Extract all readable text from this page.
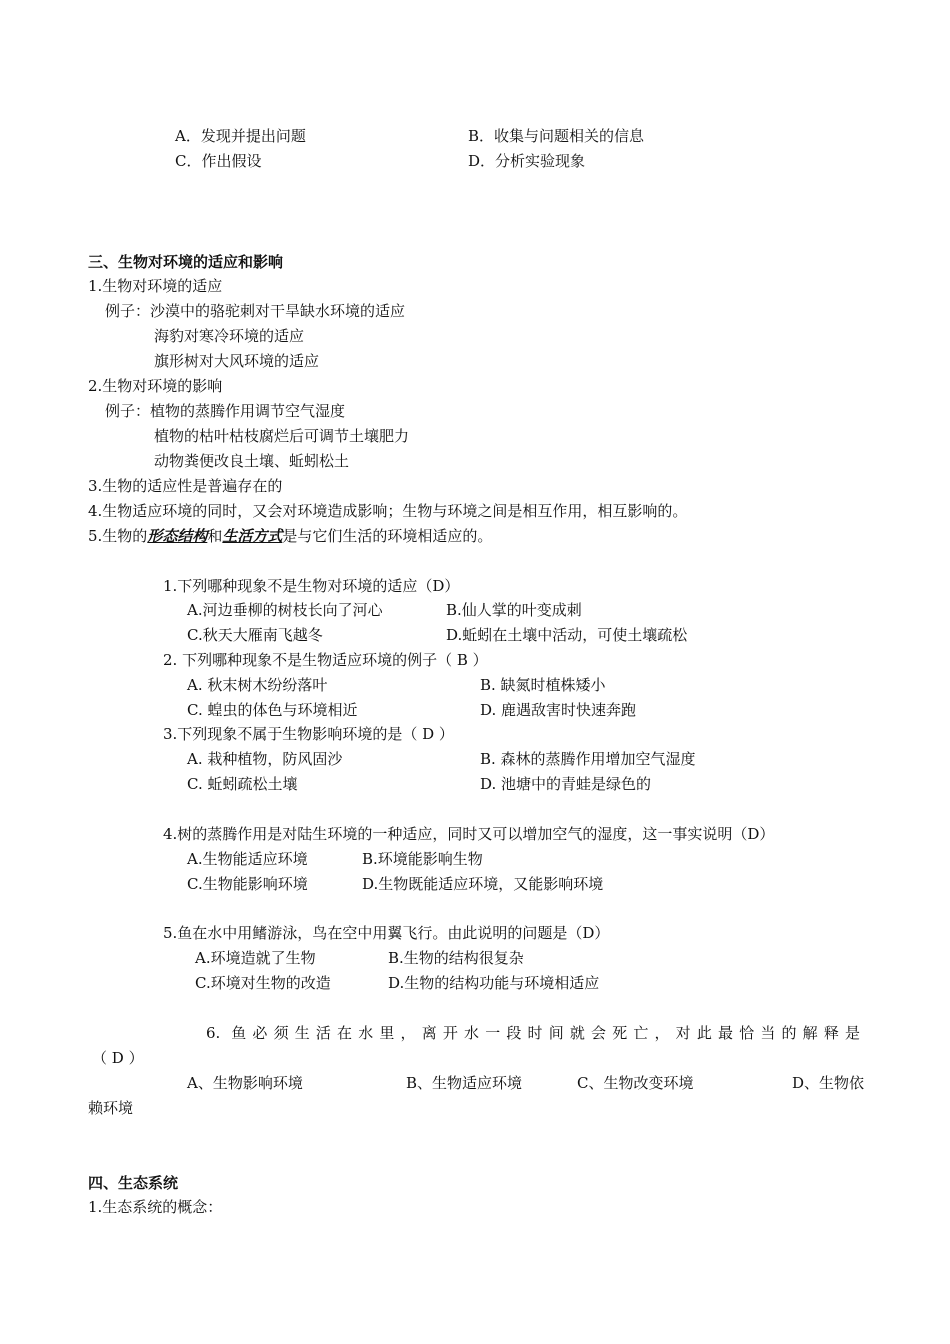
A．发现并提出问题	B．收集与问题相关的信息
C．作出假设	D．分析实验现象
三、生物对环境的适应和影响
1.生物对环境的适应
例子：沙漠中的骆驼刺对干旱缺水环境的适应
海豹对寒冷环境的适应
旗形树对大风环境的适应
2.生物对环境的影响
例子：植物的蒸腾作用调节空气湿度
植物的枯叶枯枝腐烂后可调节土壤肥力
动物粪便改良土壤、蚯蚓松土
3.生物的适应性是普遍存在的
4.生物适应环境的同时，又会对环境造成影响；生物与环境之间是相互作用，相互影响的。
5.生物的形态结构和生活方式是与它们生活的环境相适应的。
1.下列哪种现象不是生物对环境的适应（D）
A.河边垂柳的树枝长向了河心	B.仙人掌的叶变成刺
C.秋天大雁南飞越冬	D.蚯蚓在土壤中活动，可使土壤疏松
2. 下列哪种现象不是生物适应环境的例子（ B ）
A. 秋末树木纷纷落叶	B. 缺氮时植株矮小
C. 蝗虫的体色与环境相近	D. 鹿遇敌害时快速奔跑
3.下列现象不属于生物影响环境的是（ D ）
A. 栽种植物，防风固沙	B. 森林的蒸腾作用增加空气湿度
C. 蚯蚓疏松土壤	D. 池塘中的青蛙是绿色的
4.树的蒸腾作用是对陆生环境的一种适应，同时又可以增加空气的湿度，这一事实说明（D）
A.生物能适应环境	B.环境能影响生物
C.生物能影响环境	D.生物既能适应环境，又能影响环境
5.鱼在水中用鳍游泳，鸟在空中用翼飞行。由此说明的问题是（D）
A.环境造就了生物	B.生物的结构很复杂
C.环境对生物的改造	D.生物的结构功能与环境相适应
6. 鱼必须生活在水里，离开水一段时间就会死亡，对此最恰当的解释是
（ D ）
A、生物影响环境	B、生物适应环境	C、生物改变环境	D、生物依
赖环境
四、生态系统
1.生态系统的概念：
